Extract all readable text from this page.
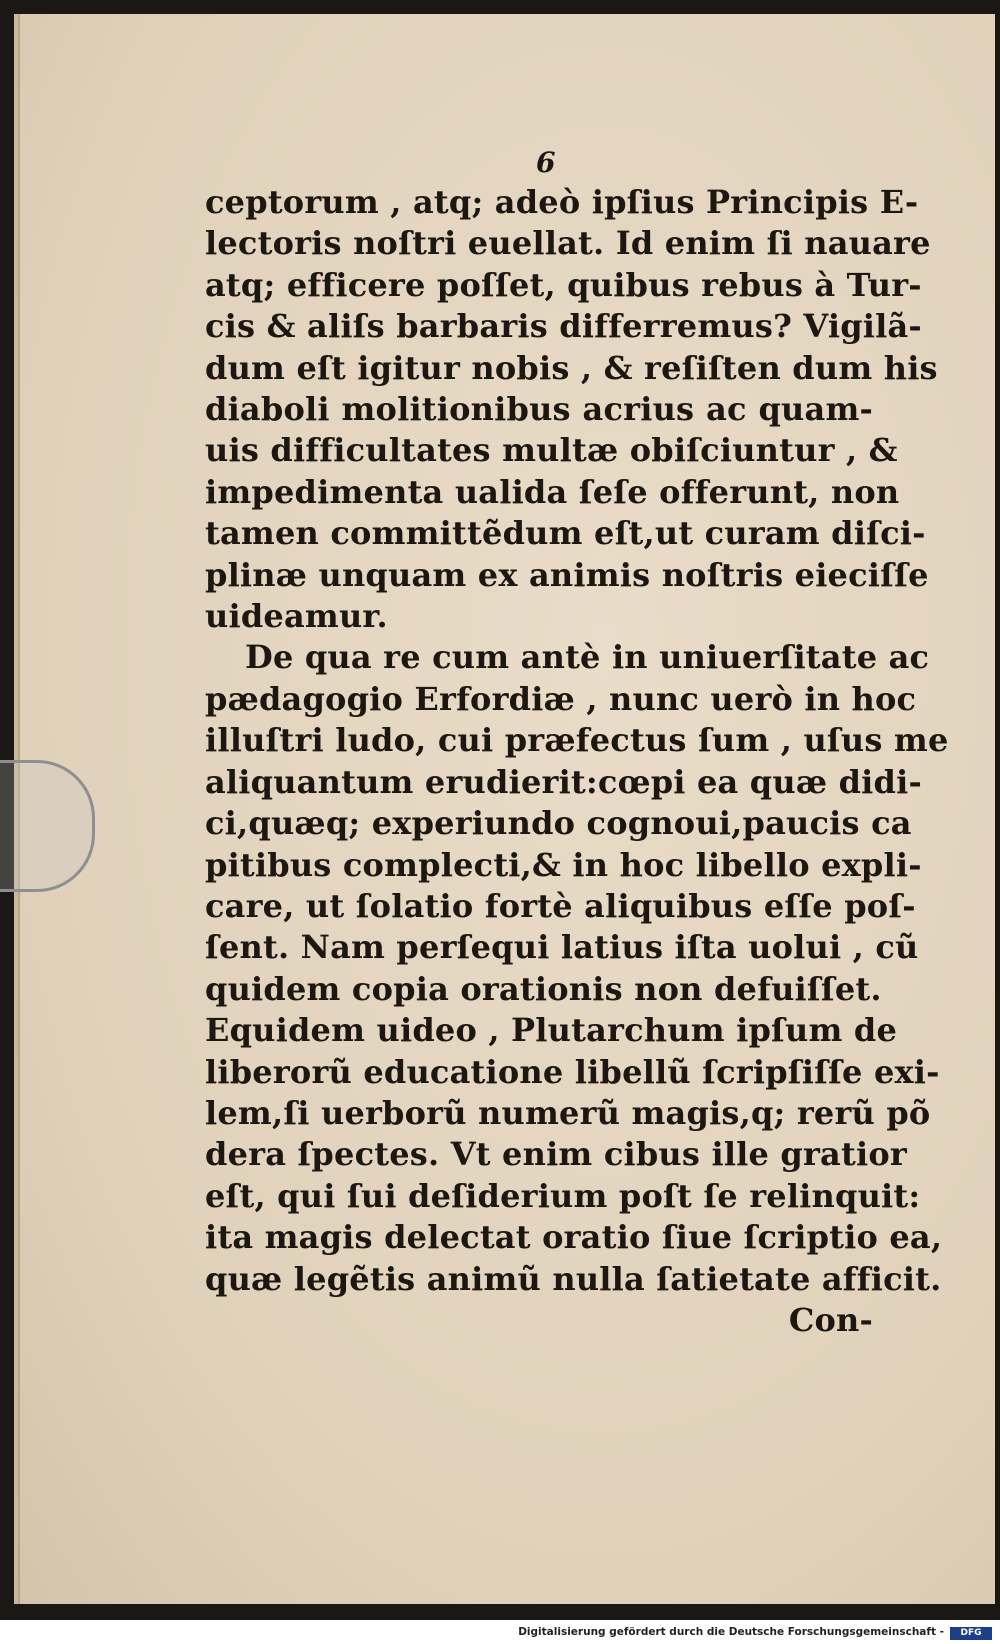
6
ceptorum , atq; adeò ipſius Principis E-
lectoris noſtri euellat. Id enim ſi nauare
atq; efficere poſſet, quibus rebus à Tur-
cis & aliſs barbaris differremus? Vigilã-
dum eſt igitur nobis , & reſiſten dum his
diaboli molitionibus acrius ac quam-
uis difficultates multæ obiſciuntur , &
impedimenta ualida ſeſe offerunt, non
tamen committẽdum eſt,ut curam diſci-
plinæ unquam ex animis noſtris eieciſſe
uideamur.
De qua re cum antè in uniuerſitate ac
pædagogio Erfordiæ , nunc uerò in hoc
illuſtri ludo, cui præfectus ſum , uſus me
aliquantum erudierit:cœpi ea quæ didi-
ci,quæq; experiundo cognoui,paucis ca
pitibus complecti,& in hoc libello expli-
care, ut ſolatio fortè aliquibus eſſe poſ-
ſent. Nam perſequi latius iſta uolui , cũ
quidem copia orationis non defuiſſet.
Equidem uideo , Plutarchum ipſum de
liberorũ educatione libellũ ſcripſiſſe exi-
lem,ſi uerborũ numerũ magis,q; rerũ põ
dera ſpectes. Vt enim cibus ille gratior
eſt, qui ſui deſiderium poſt ſe relinquit:
ita magis delectat oratio ſiue ſcriptio ea,
quæ legẽtis animũ nulla ſatietate afficit.
Con-
Digitalisierung gefördert durch die Deutsche Forschungsgemeinschaft -	DFG
